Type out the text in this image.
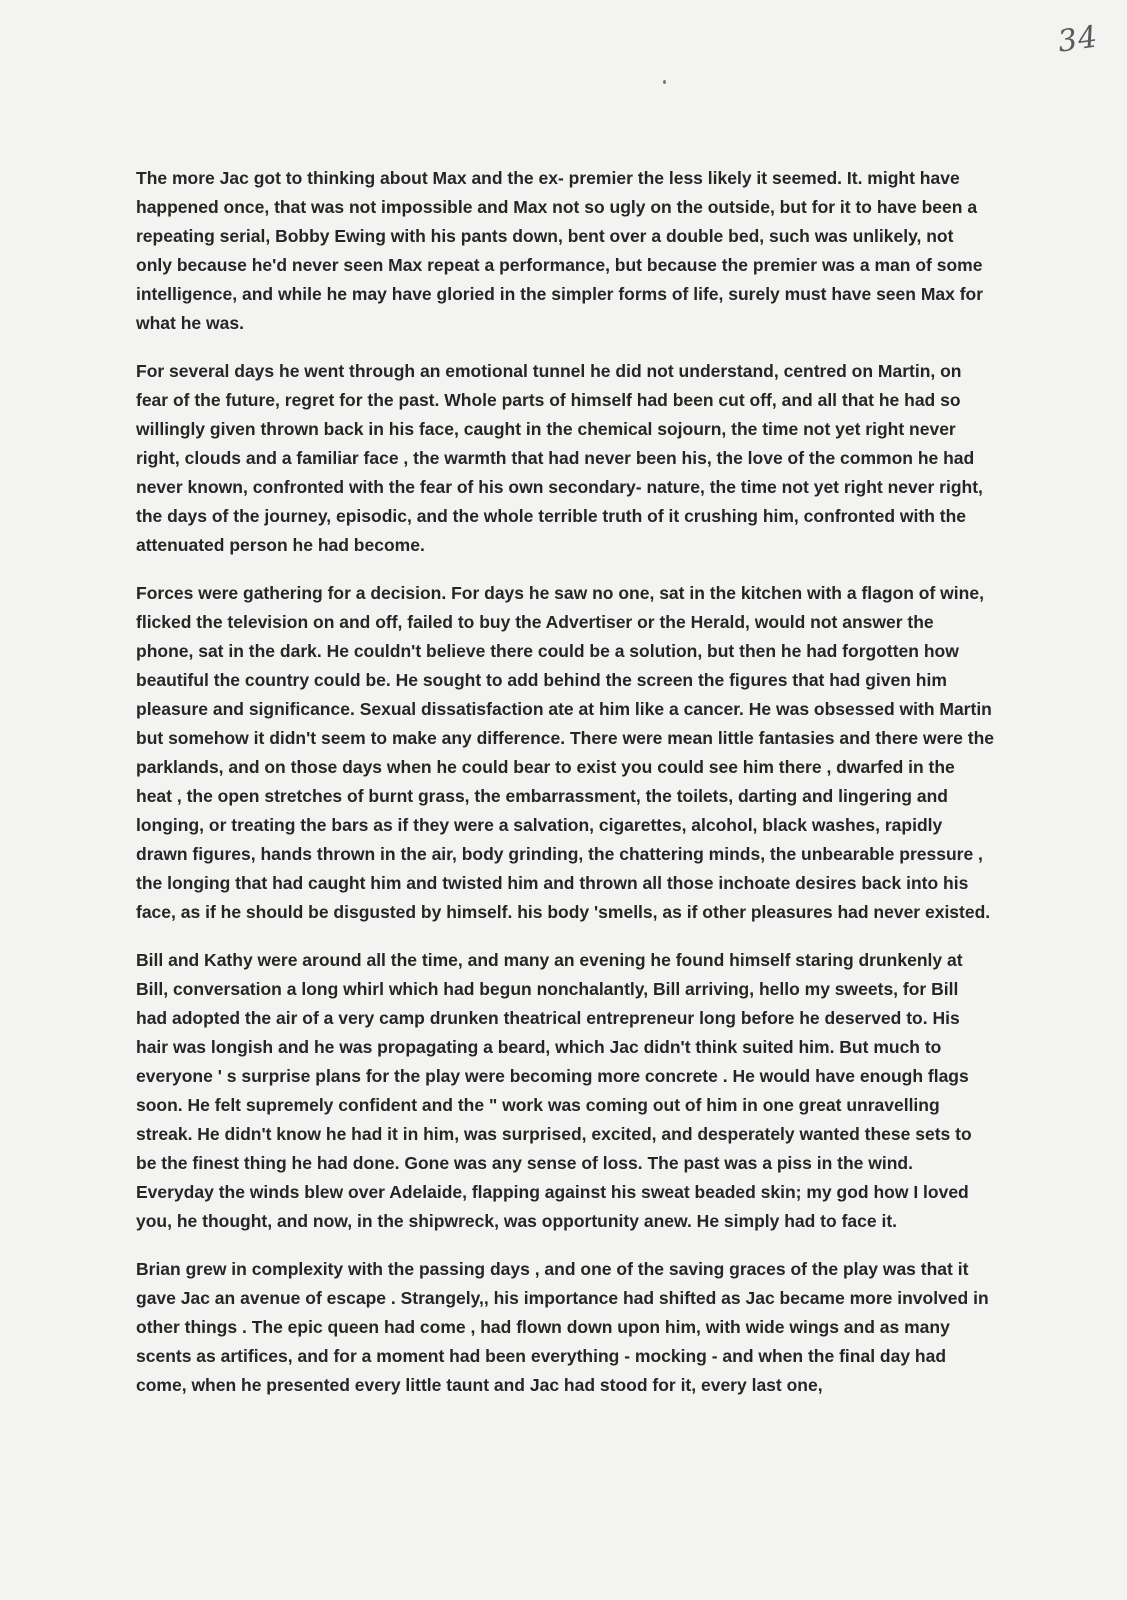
34

The more Jac got to thinking about Max and the ex- premier the less likely it seemed. It. might have happened once, that was not impossible and Max not so ugly on the outside, but for it to have been a repeating serial, Bobby Ewing with his pants down, bent over a double bed, such was unlikely, not only because he'd never seen Max repeat a performance, but because the premier was a man of some intelligence, and while he may have gloried in the simpler forms of life, surely must have seen Max for what he was.

For several days he went through an emotional tunnel he did not understand, centred on Martin, on fear of the future, regret for the past. Whole parts of himself had been cut off, and all that he had so willingly given thrown back in his face, caught in the chemical sojourn, the time not yet right never right, clouds and a familiar face , the warmth that had never been his, the love of the common he had never known, confronted with the fear of his own secondary- nature, the time not yet right never right, the days of the journey, episodic, and the whole terrible truth of it crushing him, confronted with the attenuated person he had become.

Forces were gathering for a decision. For days he saw no one, sat in the kitchen with a flagon of wine, flicked the television on and off, failed to buy the Advertiser or the Herald, would not answer the phone, sat in the dark. He couldn't believe there could be a solution, but then he had forgotten how beautiful the country could be. He sought to add behind the screen the figures that had given him pleasure and significance. Sexual dissatisfaction ate at him like a cancer. He was obsessed with Martin but somehow it didn't seem to make any difference. There were mean little fantasies and there were the parklands, and on those days when he could bear to exist you could see him there , dwarfed in the heat , the open stretches of burnt grass, the embarrassment, the toilets, darting and lingering and longing, or treating the bars as if they were a salvation, cigarettes, alcohol, black washes, rapidly drawn figures, hands thrown in the air, body grinding, the chattering minds, the unbearable pressure , the longing that had caught him and twisted him and thrown all those inchoate desires back into his face, as if he should be disgusted by himself. his body 'smells, as if other pleasures had never existed.

Bill and Kathy were around all the time, and many an evening he found himself staring drunkenly at Bill, conversation a long whirl which had begun nonchalantly, Bill arriving, hello my sweets, for Bill had adopted the air of a very camp drunken theatrical entrepreneur long before he deserved to. His hair was longish and he was propagating a beard, which Jac didn't think suited him. But much to everyone ' s surprise plans for the play were becoming more concrete . He would have enough flags soon. He felt supremely confident and the " work was coming out of him in one great unravelling streak. He didn't know he had it in him, was surprised, excited, and desperately wanted these sets to be the finest thing he had done. Gone was any sense of loss. The past was a piss in the wind. Everyday the winds blew over Adelaide, flapping against his sweat beaded skin; my god how I loved you, he thought, and now, in the shipwreck, was opportunity anew. He simply had to face it.

Brian grew in complexity with the passing days , and one of the saving graces of the play was that it gave Jac an avenue of escape . Strangely,, his importance had shifted as Jac became more involved in other things . The epic queen had come , had flown down upon him, with wide wings and as many scents as artifices, and for a moment had been everything - mocking - and when the final day had come, when he presented every little taunt and Jac had stood for it, every last one,
